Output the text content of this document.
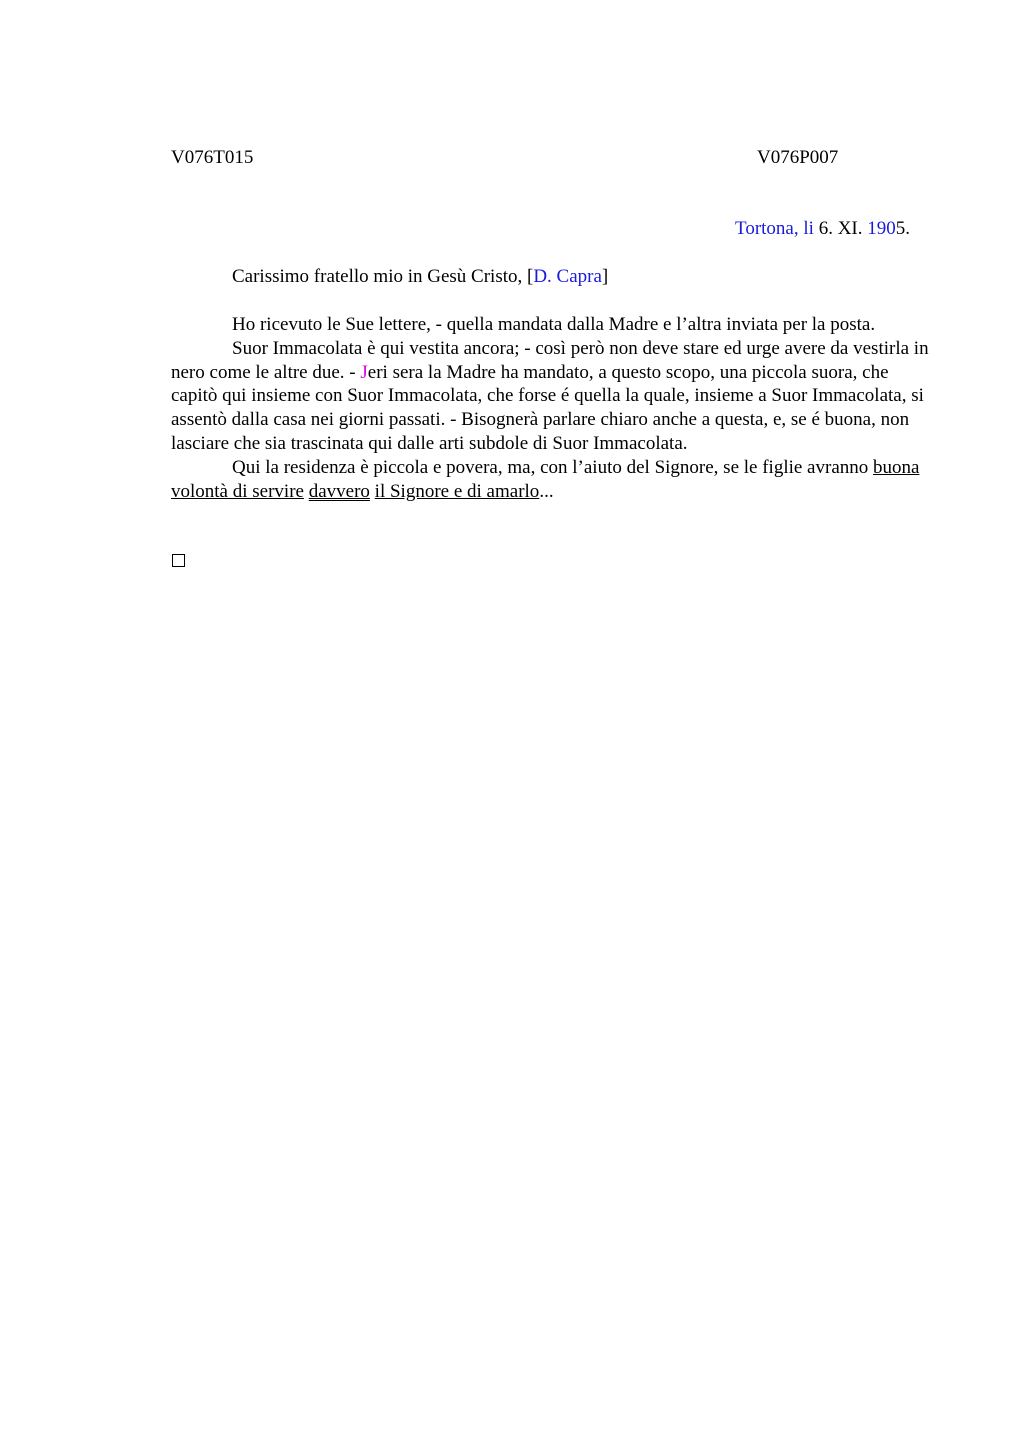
V076T015	V076P007
Tortona, li 6. XI. 1905.
Carissimo fratello mio in Gesù Cristo, [D. Capra]

Ho ricevuto le Sue lettere, - quella mandata dalla Madre e l’altra inviata per la posta.

Suor Immacolata è qui vestita ancora; - così però non deve stare ed urge avere da vestirla in nero come le altre due. - Jeri sera la Madre ha mandato, a questo scopo, una piccola suora, che capitò qui insieme con Suor Immacolata, che forse é quella la quale, insieme a Suor Immacolata, si assentò dalla casa nei giorni passati. - Bisognerà parlare chiaro anche a questa, e, se é buona, non lasciare che sia trascinata qui dalle arti subdole di Suor Immacolata.

Qui la residenza è piccola e povera, ma, con l’aiuto del Signore, se le figlie avranno buona volontà di servire davvero il Signore e di amarlo...
